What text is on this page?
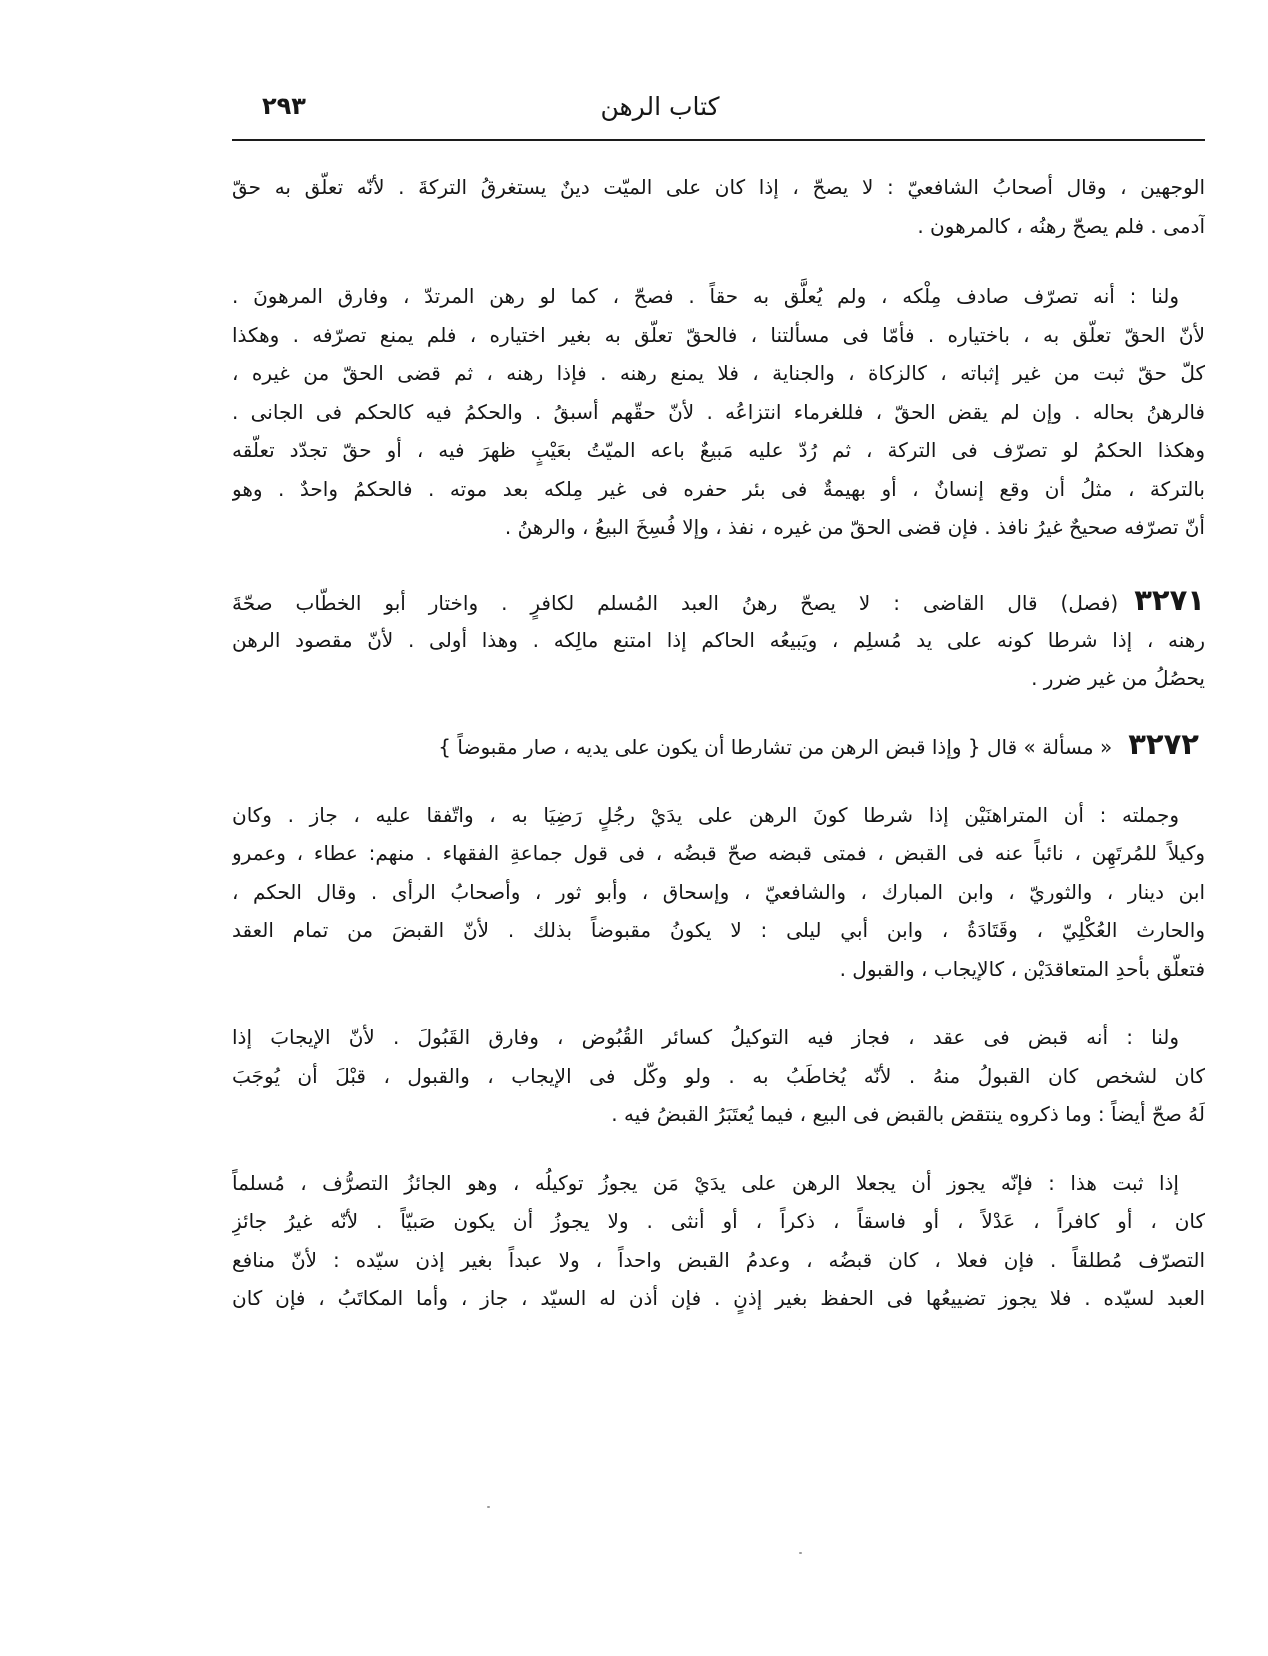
٢٩٣	كتاب الرهن
الوجهين ، وقال أصحابُ الشافعيّ : لا يصحّ ، إذا كان على الميّت دينٌ يستغرقُ التركةَ . لأنّه تعلّق به حقّ
آدمى . فلم يصحّ رهنُه ، كالمرهون .
ولنا : أنه تصرّف صادف مِلْكه ، ولم يُعلَّق به حقاً . فصحّ ، كما لو رهن المرتدّ ، وفارق المرهونَ .
لأنّ الحقّ تعلّق به ، باختياره . فأمّا فى مسألتنا ، فالحقّ تعلّق به بغير اختياره ، فلم يمنع تصرّفه . وهكذا
كلّ حقّ ثبت من غير إثباته ، كالزكاة ، والجناية ، فلا يمنع رهنه . فإذا رهنه ، ثم قضى الحقّ من غيره ،
فالرهنُ بحاله . وإن لم يقض الحقّ ، فللغرماء انتزاعُه . لأنّ حقّهم أسبقُ . والحكمُ فيه كالحكم فى الجانى .
وهكذا الحكمُ لو تصرّف فى التركة ، ثم رُدّ عليه مَبيعٌ باعه الميّتُ بعَيْبٍ ظهرَ فيه ، أو حقّ تجدّد تعلّقه
بالتركة ، مثلُ أن وقع إنسانٌ ، أو بهيمةٌ فى بئر حفره فى غير مِلكه بعد موته . فالحكمُ واحدٌ . وهو
أنّ تصرّفه صحيحٌ غيرُ نافذ . فإن قضى الحقّ من غيره ، نفذ ، وإلا فُسِخَ البيعُ ، والرهنُ .
٣٢٧١(فصل) قال القاضى : لا يصحّ رهنُ العبد المُسلم لكافرٍ . واختار أبو الخطّاب صحّةَ
رهنه ، إذا شرطا كونه على يد مُسلِم ، ويَبيعُه الحاكم إذا امتنع مالِكه . وهذا أولى . لأنّ مقصود الرهن
يحصُلُ من غير ضرر .
٣٢٧٢« مسألة » قال { وإذا قبض الرهن من تشارطا أن يكون على يديه ، صار مقبوضاً }
وجملته : أن المتراهنَيْن إذا شرطا كونَ الرهن على يدَيْ رجُلٍ رَضِيَا به ، واتّفقا عليه ، جاز . وكان
وكيلاً للمُرتَهِن ، نائباً عنه فى القبض ، فمتى قبضه صحّ قبضُه ، فى قول جماعةِ الفقهاء . منهم: عطاء ، وعمرو
ابن دينار ، والثوريّ ، وابن المبارك ، والشافعيّ ، وإسحاق ، وأبو ثور ، وأصحابُ الرأى . وقال الحكم ،
والحارث العُكْلِيّ ، وقَتَادَةُ ، وابن أبي ليلى : لا يكونُ مقبوضاً بذلك . لأنّ القبضَ من تمام العقد
فتعلّق بأحدِ المتعاقدَيْن ، كالإيجاب ، والقبول .
ولنا : أنه قبض فى عقد ، فجاز فيه التوكيلُ كسائر القُبُوض ، وفارق القَبُولَ . لأنّ الإيجابَ إذا
كان لشخص كان القبولُ منهُ . لأنّه يُخاطَبُ به . ولو وكّل فى الإيجاب ، والقبول ، قبْلَ أن يُوجَبَ
لَهُ صحّ أيضاً : وما ذكروه ينتقض بالقبض فى البيع ، فيما يُعتَبَرُ القبضُ فيه .
إذا ثبت هذا : فإنّه يجوز أن يجعلا الرهن على يدَيْ مَن يجوزُ توكيلُه ، وهو الجائزُ التصرُّف ، مُسلماً
كان ، أو كافراً ، عَدْلاً ، أو فاسقاً ، ذكراً ، أو أنثى . ولا يجوزُ أن يكون صَبيّاً . لأنّه غيرُ جائزِ
التصرّف مُطلقاً . فإن فعلا ، كان قبضُه ، وعدمُ القبض واحداً ، ولا عبداً بغير إذن سيّده : لأنّ منافع
العبد لسيّده . فلا يجوز تضييعُها فى الحفظ بغير إذنٍ . فإن أذن له السيّد ، جاز ، وأما المكاتَبُ ، فإن كان
